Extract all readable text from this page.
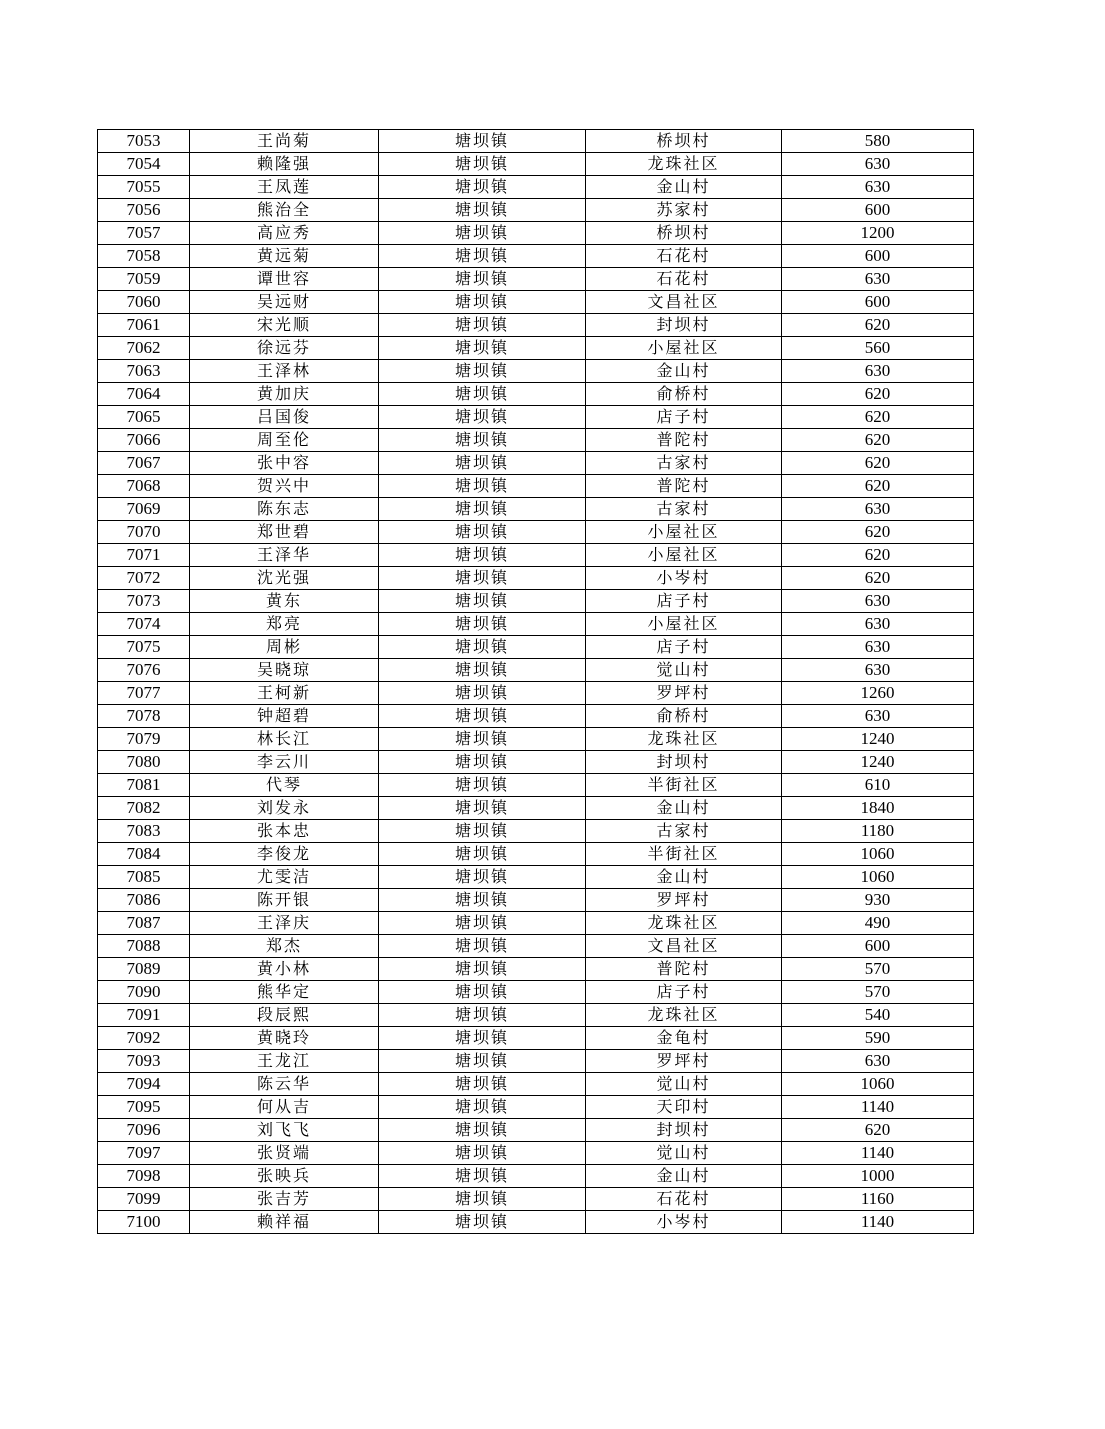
7053	王尚菊	塘坝镇	桥坝村	580
7054	赖隆强	塘坝镇	龙珠社区	630
7055	王凤莲	塘坝镇	金山村	630
7056	熊治全	塘坝镇	苏家村	600
7057	高应秀	塘坝镇	桥坝村	1200
7058	黄远菊	塘坝镇	石花村	600
7059	谭世容	塘坝镇	石花村	630
7060	吴远财	塘坝镇	文昌社区	600
7061	宋光顺	塘坝镇	封坝村	620
7062	徐远芬	塘坝镇	小屋社区	560
7063	王泽林	塘坝镇	金山村	630
7064	黄加庆	塘坝镇	俞桥村	620
7065	吕国俊	塘坝镇	店子村	620
7066	周至伦	塘坝镇	普陀村	620
7067	张中容	塘坝镇	古家村	620
7068	贺兴中	塘坝镇	普陀村	620
7069	陈东志	塘坝镇	古家村	630
7070	郑世碧	塘坝镇	小屋社区	620
7071	王泽华	塘坝镇	小屋社区	620
7072	沈光强	塘坝镇	小岑村	620
7073	黄东	塘坝镇	店子村	630
7074	郑亮	塘坝镇	小屋社区	630
7075	周彬	塘坝镇	店子村	630
7076	吴晓琼	塘坝镇	觉山村	630
7077	王柯新	塘坝镇	罗坪村	1260
7078	钟超碧	塘坝镇	俞桥村	630
7079	林长江	塘坝镇	龙珠社区	1240
7080	李云川	塘坝镇	封坝村	1240
7081	代琴	塘坝镇	半街社区	610
7082	刘发永	塘坝镇	金山村	1840
7083	张本忠	塘坝镇	古家村	1180
7084	李俊龙	塘坝镇	半街社区	1060
7085	尤雯洁	塘坝镇	金山村	1060
7086	陈开银	塘坝镇	罗坪村	930
7087	王泽庆	塘坝镇	龙珠社区	490
7088	郑杰	塘坝镇	文昌社区	600
7089	黄小林	塘坝镇	普陀村	570
7090	熊华定	塘坝镇	店子村	570
7091	段辰熙	塘坝镇	龙珠社区	540
7092	黄晓玲	塘坝镇	金龟村	590
7093	王龙江	塘坝镇	罗坪村	630
7094	陈云华	塘坝镇	觉山村	1060
7095	何从吉	塘坝镇	天印村	1140
7096	刘飞飞	塘坝镇	封坝村	620
7097	张贤端	塘坝镇	觉山村	1140
7098	张映兵	塘坝镇	金山村	1000
7099	张吉芳	塘坝镇	石花村	1160
7100	赖祥福	塘坝镇	小岑村	1140
